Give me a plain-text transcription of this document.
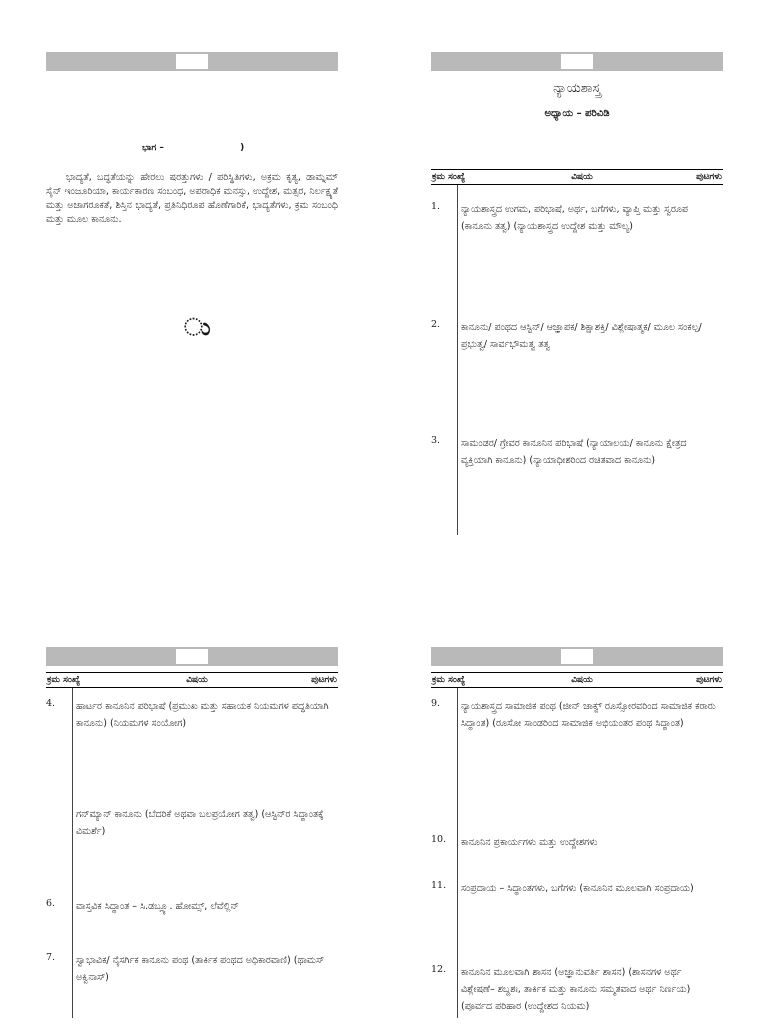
ಭಾಗ –	)
ಭಾದ್ಯತೆ, ಬದ್ಧತೆಯನ್ನು ಹೇರಲು ಷರತ್ತುಗಳು / ಪರಿಸ್ಥಿತಿಗಳು, ಅಕ್ರಮ ಕೃತ್ಯ, ಡಾಮ್ನಮ್ ಸೈನ್ ಇಂಜೂರಿಯಾ, ಕಾರ್ಯಕಾರಣ ಸಂಬಂಧ, ಅಪರಾಧಿಕ ಮನಸ್ಸು, ಉದ್ದೇಶ, ಮತ್ಸರ, ನಿರ್ಲಕ್ಷ್ಯತೆ ಮತ್ತು ಅಜಾಗರೂಕತೆ, ಶಿಸ್ತಿನ ಭಾದ್ಯತೆ, ಪ್ರತಿನಿಧಿರೂಪ ಹೊಣೆಗಾರಿಕೆ, ಭಾದ್ಯತೆಗಳು, ಕ್ರಮ ಸಂಬಂಧಿ ಮತ್ತು ಮೂಲ ಕಾನೂನು.
ು
ನ್ಯಾಯಶಾಸ್ತ್ರ
ಅಧ್ಯಾಯ – ಪರಿವಿಡಿ
ಕ್ರಮ ಸಂಖ್ಯೆ	ವಿಷಯ	ಪುಟಗಳು
1. ನ್ಯಾಯಶಾಸ್ತ್ರದ ಉಗಮ, ಪರಿಭಾಷೆ, ಅರ್ಥ, ಬಗೆಗಳು, ವ್ಯಾಪ್ತಿ ಮತ್ತು ಸ್ವರೂಪ (ಕಾನೂನು ತತ್ವ) (ನ್ಯಾಯಶಾಸ್ತ್ರದ ಉದ್ದೇಶ ಮತ್ತು ಮೌಲ್ಯ)
2. ಕಾನೂನು/ ಪಂಥದ ಆಸ್ಟಿನ್/ ಆಜ್ಞಾಪಕ/ ಶಿಕ್ಷಾಶಕ್ತಿ/ ವಿಶ್ಲೇಷಾತ್ಮಕ/ ಮೂಲ ಸಂಕಲ್ಪ/ ಪ್ರಭುತ್ವ/ ಸಾರ್ವಭೌಮತ್ವ ತತ್ವ
3. ಸಾಮಂಡರ/ ಗ್ರೇವರ ಕಾನೂನಿನ ಪರಿಭಾಷೆ (ನ್ಯಾಯಾಲಯ/ ಕಾನೂನು ಕ್ಷೇತ್ರದ ವ್ಯಕ್ತಿಯಾಗಿ ಕಾನೂನು) (ನ್ಯಾಯಾಧೀಶರಿಂದ ರಚಿತವಾದ ಕಾನೂನು)
ಕ್ರಮ ಸಂಖ್ಯೆ	ವಿಷಯ	ಪುಟಗಳು
4. ಹಾರ್ಟರ ಕಾನೂನಿನ ಪರಿಭಾಷೆ (ಪ್ರಮುಖ ಮತ್ತು ಸಹಾಯಕ ನಿಯಮಗಳ ಪದ್ಧತಿಯಾಗಿ ಕಾನೂನು) (ನಿಯಮಗಳ ಸಂಯೋಗ)
ಗನ್‌ಮ್ಯಾನ್ ಕಾನೂನು (ಬೆದರಿಕೆ ಅಥವಾ ಬಲಪ್ರಯೋಗ ತತ್ವ) (ಆಸ್ಟಿನ್‌ರ ಸಿದ್ಧಾಂತಕ್ಕೆ ವಿಮರ್ಶೆ)
6. ವಾಸ್ತವಿಕ ಸಿದ್ಧಾಂತ – ಸಿ.ಡಬ್ಲ್ಯೂ. ಹೋಮ್ಸ್, ಲೆವೆಲ್ಲಿನ್
7. ಸ್ವಾಭಾವಿಕ/ ನೈಸರ್ಗಿಕ ಕಾನೂನು ಪಂಥ (ತಾರ್ಕಿಕ ಪಂಥದ ಅಧಿಕಾರವಾಣಿ) (ಥಾಮಸ್ ಅಕ್ವಿನಾಸ್)
ಕ್ರಮ ಸಂಖ್ಯೆ	ವಿಷಯ	ಪುಟಗಳು
9. ನ್ಯಾಯಶಾಸ್ತ್ರದ ಸಾಮಾಜಿಕ ಪಂಥ (ಜೀನ್ ಜಾಕ್ವ್ ರೂಸ್ಸೋರವರಿಂದ ಸಾಮಾಜಿಕ ಕರಾರು ಸಿದ್ಧಾಂತ) (ರೂಸೋ ಸಾಂಡರಿಂದ ಸಾಮಾಜಿಕ ಅಭಿಯಂತರ ಪಂಥ ಸಿದ್ಧಾಂತ)
10. ಕಾನೂನಿನ ಪ್ರಕಾರ್ಯಗಳು ಮತ್ತು ಉದ್ದೇಶಗಳು
11. ಸಂಪ್ರದಾಯ – ಸಿದ್ಧಾಂತಗಳು, ಬಗೆಗಳು (ಕಾನೂನಿನ ಮೂಲವಾಗಿ ಸಂಪ್ರದಾಯ)
12. ಕಾನೂನಿನ ಮೂಲವಾಗಿ ಶಾಸನ (ಅಜ್ಞಾನುವರ್ತಿ ಶಾಸನ) (ಶಾಸನಗಳ ಅರ್ಥ ವಿಶ್ಲೇಷಣೆ– ಶಬ್ದಶಃ, ತಾರ್ಕಿಕ ಮತ್ತು ಕಾನೂನು ಸಮ್ಮತವಾದ ಅರ್ಥ ನಿರ್ಣಯ) (ಪೂರ್ವದ ಪರಿಹಾರ (ಉದ್ದೇಶದ ನಿಯಮ)
